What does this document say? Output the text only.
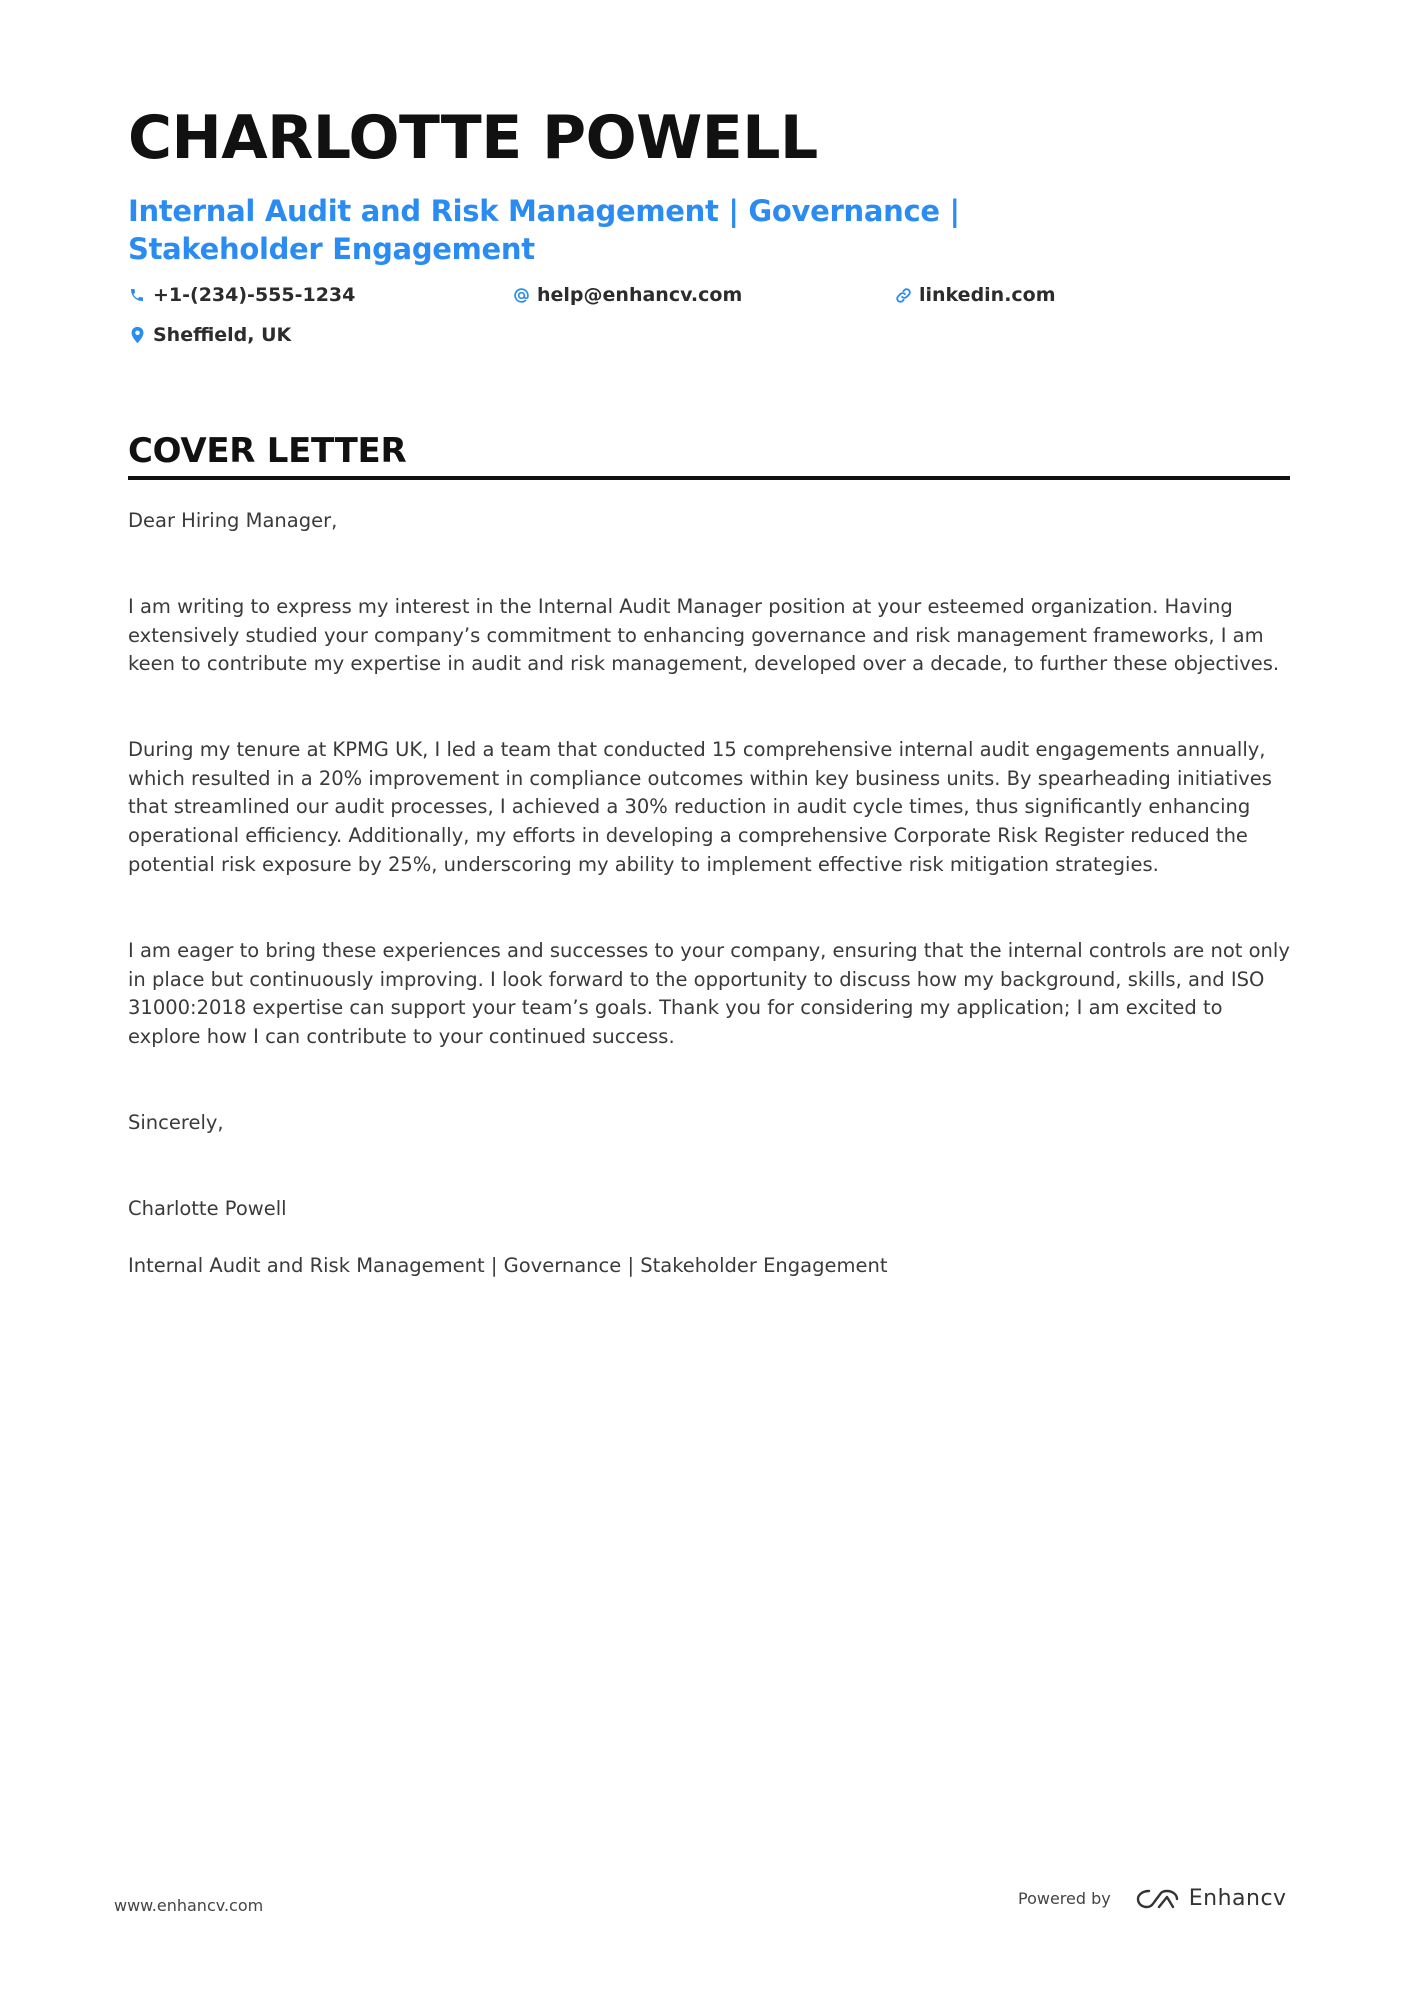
CHARLOTTE POWELL
Internal Audit and Risk Management | Governance | Stakeholder Engagement
+1-(234)-555-1234	help@enhancv.com	linkedin.com
Sheffield, UK
COVER LETTER

Dear Hiring Manager,

I am writing to express my interest in the Internal Audit Manager position at your esteemed organization. Having extensively studied your company’s commitment to enhancing governance and risk management frameworks, I am keen to contribute my expertise in audit and risk management, developed over a decade, to further these objectives.

During my tenure at KPMG UK, I led a team that conducted 15 comprehensive internal audit engagements annually, which resulted in a 20% improvement in compliance outcomes within key business units. By spearheading initiatives that streamlined our audit processes, I achieved a 30% reduction in audit cycle times, thus significantly enhancing operational efficiency. Additionally, my efforts in developing a comprehensive Corporate Risk Register reduced the potential risk exposure by 25%, underscoring my ability to implement effective risk mitigation strategies.

I am eager to bring these experiences and successes to your company, ensuring that the internal controls are not only in place but continuously improving. I look forward to the opportunity to discuss how my background, skills, and ISO 31000:2018 expertise can support your team’s goals. Thank you for considering my application; I am excited to explore how I can contribute to your continued success.

Sincerely,

Charlotte Powell

Internal Audit and Risk Management | Governance | Stakeholder Engagement

www.enhancv.com	Powered by	Enhancv
